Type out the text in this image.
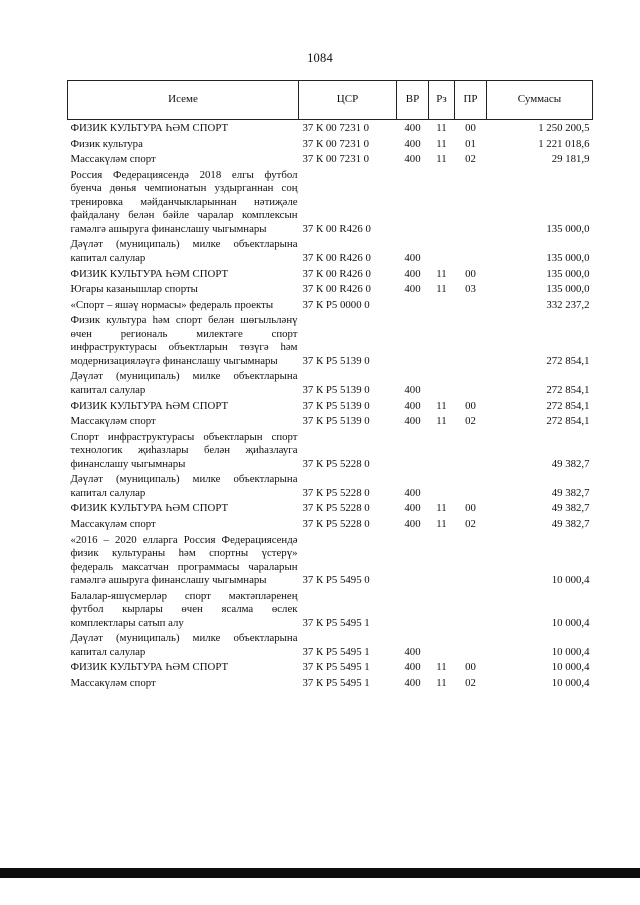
1084
Исеме	ЦСР	ВР	Рз	ПР	Суммасы
ФИЗИК КУЛЬТУРА ҺӘМ СПОРТ	37 К 00 7231 0	400	11	00	1 250 200,5
Физик культура	37 К 00 7231 0	400	11	01	1 221 018,6
Массакүләм спорт	37 К 00 7231 0	400	11	02	29 181,9
Россия Федерациясендә 2018 елгы футбол буенча дөнья чемпионатын уздырганнан соң тренировка мәйданчыкларыннан нәтиҗәле файдалану белән бәйле чаралар комплексын гамәлгә ашыруга финанслашу чыгымнары	37 К 00 R426 0				135 000,0
Дәүләт (муниципаль) милке объектларына капитал салулар	37 К 00 R426 0	400			135 000,0
ФИЗИК КУЛЬТУРА ҺӘМ СПОРТ	37 К 00 R426 0	400	11	00	135 000,0
Югары казанышлар спорты	37 К 00 R426 0	400	11	03	135 000,0
«Спорт – яшәү нормасы» федераль проекты	37 К Р5 0000 0				332 237,2
Физик культура һәм спорт белән шөгыльләнү өчен региональ милектәге спорт инфраструктурасы объектларын төзүгә һәм модернизацияләүгә финанслашу чыгымнары	37 К Р5 5139 0				272 854,1
Дәүләт (муниципаль) милке объектларына капитал салулар	37 К Р5 5139 0	400			272 854,1
ФИЗИК КУЛЬТУРА ҺӘМ СПОРТ	37 К Р5 5139 0	400	11	00	272 854,1
Массакүләм спорт	37 К Р5 5139 0	400	11	02	272 854,1
Спорт инфраструктурасы объектларын спорт технологик җиһазлары белән җиһазлауга финанслашу чыгымнары	37 К Р5 5228 0				49 382,7
Дәүләт (муниципаль) милке объектларына капитал салулар	37 К Р5 5228 0	400			49 382,7
ФИЗИК КУЛЬТУРА ҺӘМ СПОРТ	37 К Р5 5228 0	400	11	00	49 382,7
Массакүләм спорт	37 К Р5 5228 0	400	11	02	49 382,7
«2016 – 2020 елларга Россия Федерациясендә физик культураны һәм спортны үстерү» федераль максатчан программасы чараларын гамәлгә ашыруга финанслашу чыгымнары	37 К Р5 5495 0				10 000,4
Балалар-яшүсмерләр спорт мәктәпләренең футбол кырлары өчен ясалма өслек комплектлары сатып алу	37 К Р5 5495 1				10 000,4
Дәүләт (муниципаль) милке объектларына капитал салулар	37 К Р5 5495 1	400			10 000,4
ФИЗИК КУЛЬТУРА ҺӘМ СПОРТ	37 К Р5 5495 1	400	11	00	10 000,4
Массакүләм спорт	37 К Р5 5495 1	400	11	02	10 000,4
